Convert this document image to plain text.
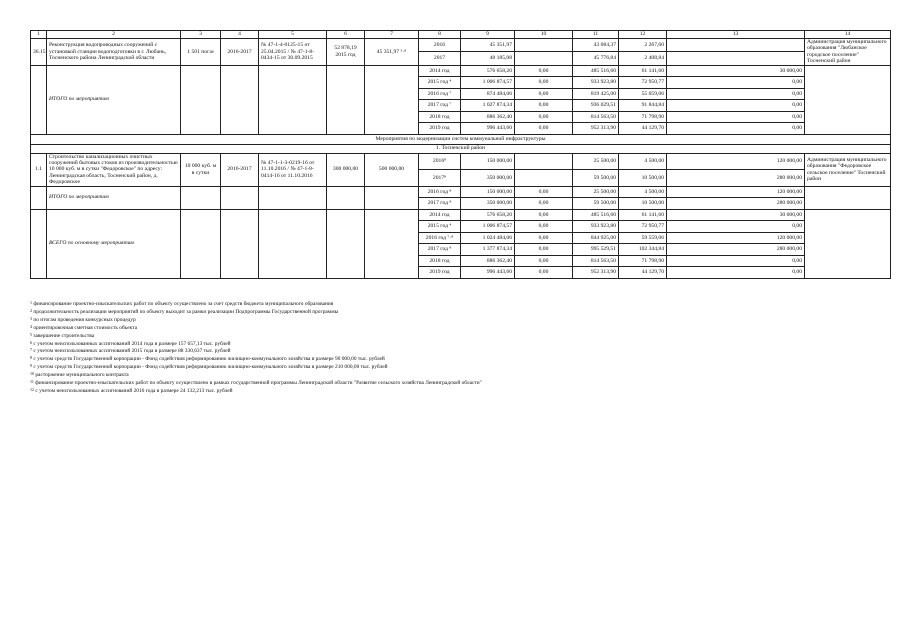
1	2	3	4	5	6	7	8	9	10	11	12	13	14	
36.15	Реконструкция водопроводных сооружений с установкой станции водоподготовки в г. Любань, Тосненского района Ленинградской области	1 501 пог.м	2016-2017	№ 47-1-4-0125-15 от 25.04.2015 / № 47-1-8-0434-15 от 30.09.2015	52 878,19 2015 год	45 351,97 ⁵·⁸	2016	45 351,97		43 084,37	2 267,60		Администрация муниципального образования "Любанское городское поселение" Тосненский район	
							2017	48 185,08		45 776,84	2 408,84			
	ИТОГО по мероприятию						2014 год	576 658,20	0,00	485 516,60	61 141,60	30 000,00		
							2015 год ⁴	1 006 874,57	0,00	933 923,80	72 950,77	0,00		
							2016 год ⁷	874 484,06	0,00	819 425,00	55 059,06	0,00		
							2017 год ⁷	1 027 874,34	0,00	936 029,51	91 844,84	0,00		
							2018 год	886 362,40	0,00	814 563,50	71 798,90	0,00		
							2019 год	996 443,60	0,00	952 313,90	44 129,70	0,00		
Мероприятия по модернизации систем коммунальной инфраструктуры														
1. Тосненский район														
1.1	Строительство канализационных очистных сооружений бытовых стоков из производительностью 10 000 куб. м в сутки "Федоровское" по адресу: Ленинградская область, Тосненский район, д. Федоровское	10 000 куб. м в сутки	2016-2017	№ 47-1-1-3-0219-16 от 11.10.2016 / № 47-1-8-0414-16 от 11.10.2016	300 000,00	500 000,00	2016⁸	150 000,00		25 500,00	4 500,00	120 000,00	Администрация муниципального образования "Федоровское сельское поселение" Тосненский район	
							2017⁸	350 000,00		59 500,00	10 500,00	280 000,00		
	ИТОГО по мероприятию						2016 год ⁸	150 000,00	0,00	25 500,00	4 500,00	120 000,00		
							2017 год ⁸	350 000,00	0,00	59 500,00	10 500,00	280 000,00		
	ВСЕГО по основному мероприятию						2014 год	576 658,20	0,00	485 516,60	61 141,60	30 000,00		
							2015 год ⁴	1 006 874,57	0,00	933 923,80	72 950,77	0,00		
							2016 год ⁷·⁸	1 024 484,06	0,00	844 925,00	59 559,06	120 000,00		
							2017 год ⁸	1 377 874,34	0,00	995 529,51	102 344,84	280 000,00		
							2018 год	886 362,40	0,00	814 563,50	71 798,90	0,00		
							2019 год	996 443,60	0,00	952 313,90	44 129,70	0,00		
$^1$ финансирование проектно-изыскательских работ по объекту осуществлено за счет средств бюджета муниципального образования
$^2$ продолжительность реализации мероприятий по объекту выходит за рамки реализации Подпрограммы Государственной программы
$^3$ по итогам проведения конкурсных процедур
$^4$ ориентировочная сметная стоимость объекта
$^5$ завершение строительства
$^6$ с учетом неиспользованных ассигнований 2014 года в размере 157 657,13 тыс. рублей
$^7$ с учетом неиспользованных ассигнований 2015 года в размере 88 330,637 тыс. рублей
$^8$ с учетом средств Государственной корпорации - Фонд содействия реформированию жилищно-коммунального хозяйства в размере 90 000,00 тыс. рублей
$^9$ с учетом средств Государственной корпорации - Фонд содействия реформированию жилищно-коммунального хозяйства в размере 210 000,00 тыс. рублей
$^{10}$ расторжение муниципального контракта
$^{11}$ финансирование проектно-изыскательских работ по объекту осуществлено в рамках государственной программы Ленинградской области "Развитие сельского хозяйства Ленинградской области"
$^{12}$ с учетом неиспользованных ассигнований 2016 года в размере 24 132,213 тыс. рублей
